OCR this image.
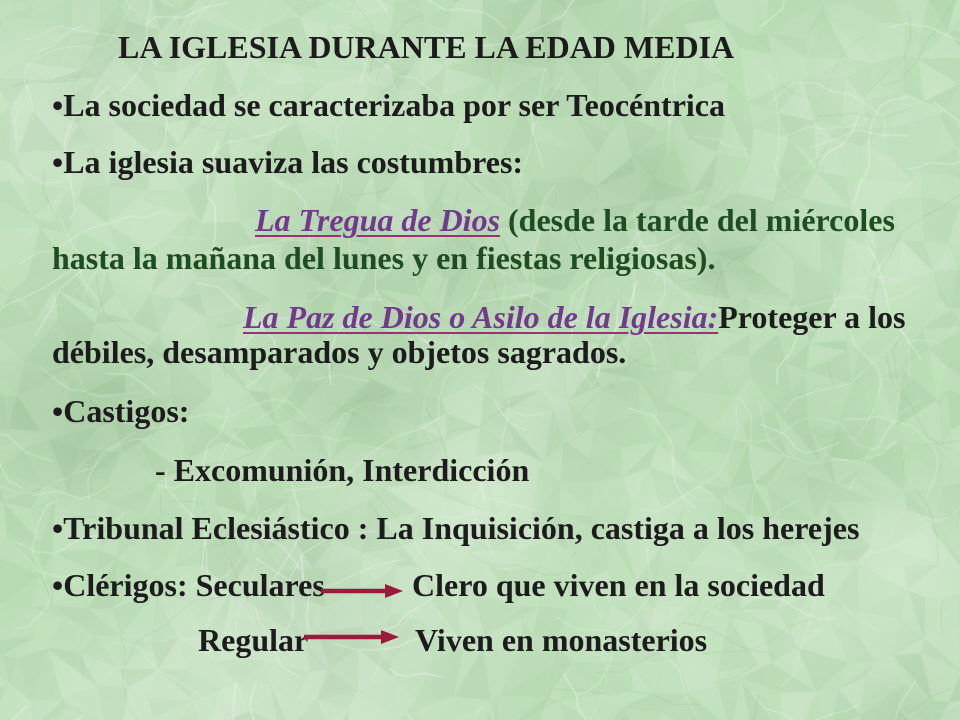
LA IGLESIA DURANTE LA EDAD MEDIA
•La sociedad se caracterizaba por ser Teocéntrica
•La iglesia suaviza las costumbres:
La Tregua de Dios (desde la tarde del miércoles
hasta la mañana del lunes y en fiestas religiosas).
La Paz de Dios o Asilo de la Iglesia:Proteger a los
débiles, desamparados y objetos sagrados.
•Castigos:
- Excomunión, Interdicción
•Tribunal Eclesiástico : La Inquisición, castiga a los herejes
•Clérigos: Seculares	Clero que viven en la sociedad
Regular	Viven en monasterios
